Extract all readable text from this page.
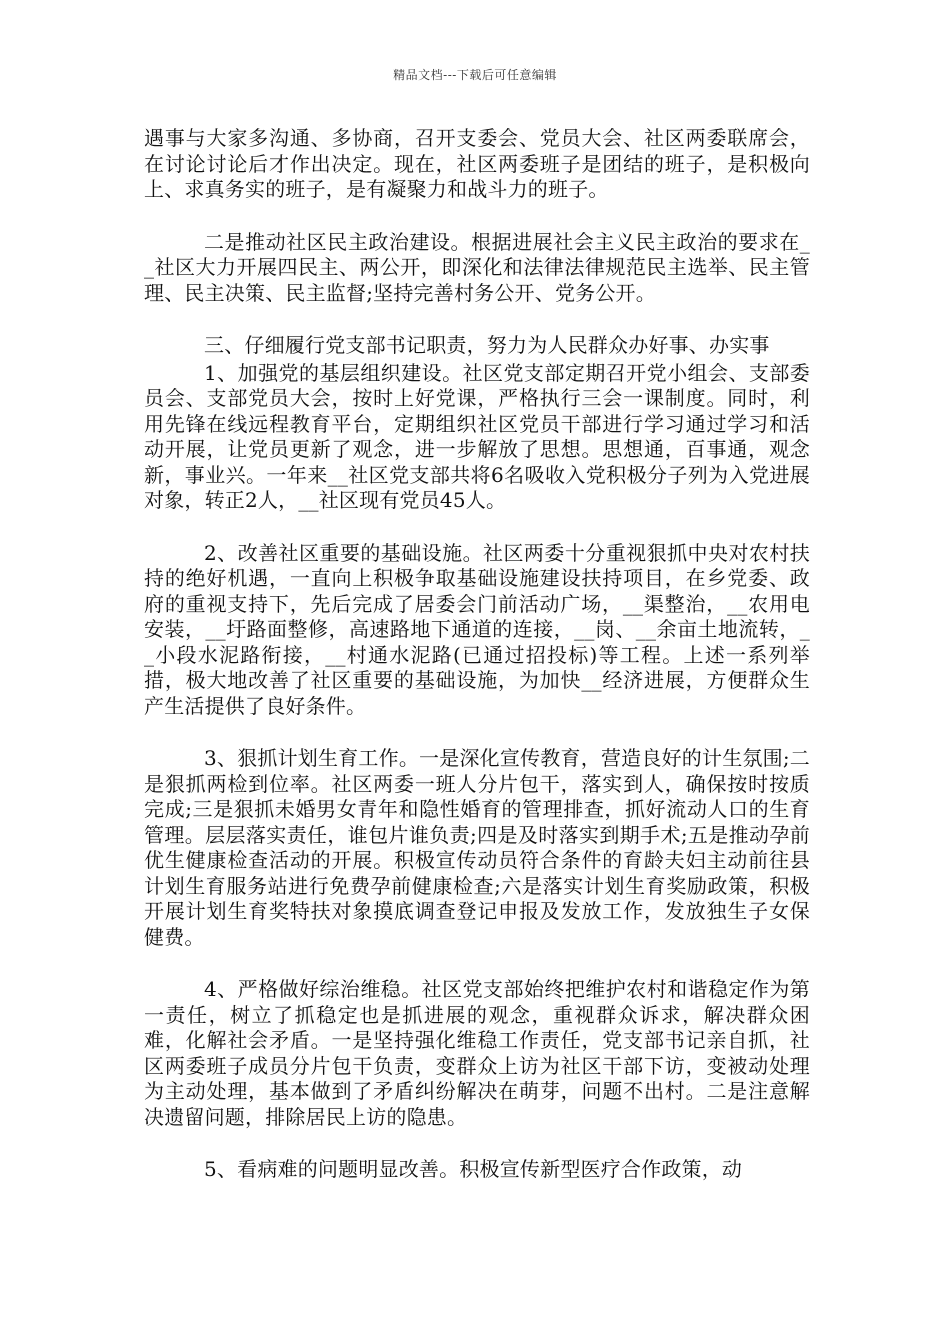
精品文档---下载后可任意编辑

遇事与大家多沟通、多协商，召开支委会、党员大会、社区两委联席会，在讨论讨论后才作出决定。现在，社区两委班子是团结的班子，是积极向上、求真务实的班子，是有凝聚力和战斗力的班子。

二是推动社区民主政治建设。根据进展社会主义民主政治的要求在__社区大力开展四民主、两公开，即深化和法律法律规范民主选举、民主管理、民主决策、民主监督;坚持完善村务公开、党务公开。

三、仔细履行党支部书记职责，努力为人民群众办好事、办实事

1、加强党的基层组织建设。社区党支部定期召开党小组会、支部委员会、支部党员大会，按时上好党课，严格执行三会一课制度。同时，利用先锋在线远程教育平台，定期组织社区党员干部进行学习通过学习和活动开展，让党员更新了观念，进一步解放了思想。思想通，百事通，观念新，事业兴。一年来__社区党支部共将6名吸收入党积极分子列为入党进展对象，转正2人，__社区现有党员45人。

2、改善社区重要的基础设施。社区两委十分重视狠抓中央对农村扶持的绝好机遇，一直向上积极争取基础设施建设扶持项目，在乡党委、政府的重视支持下，先后完成了居委会门前活动广场，__渠整治，__农用电安装，__圩路面整修，高速路地下通道的连接，__岗、__余亩土地流转，__小段水泥路衔接，__村通水泥路(已通过招投标)等工程。上述一系列举措，极大地改善了社区重要的基础设施，为加快__经济进展，方便群众生产生活提供了良好条件。

3、狠抓计划生育工作。一是深化宣传教育，营造良好的计生氛围;二是狠抓两检到位率。社区两委一班人分片包干，落实到人，确保按时按质完成;三是狠抓未婚男女青年和隐性婚育的管理排查，抓好流动人口的生育管理。层层落实责任，谁包片谁负责;四是及时落实到期手术;五是推动孕前优生健康检查活动的开展。积极宣传动员符合条件的育龄夫妇主动前往县计划生育服务站进行免费孕前健康检查;六是落实计划生育奖励政策，积极开展计划生育奖特扶对象摸底调查登记申报及发放工作，发放独生子女保健费。

4、严格做好综治维稳。社区党支部始终把维护农村和谐稳定作为第一责任，树立了抓稳定也是抓进展的观念，重视群众诉求，解决群众困难，化解社会矛盾。一是坚持强化维稳工作责任，党支部书记亲自抓，社区两委班子成员分片包干负责，变群众上访为社区干部下访，变被动处理为主动处理，基本做到了矛盾纠纷解决在萌芽，问题不出村。二是注意解决遗留问题，排除居民上访的隐患。

5、看病难的问题明显改善。积极宣传新型医疗合作政策，动
